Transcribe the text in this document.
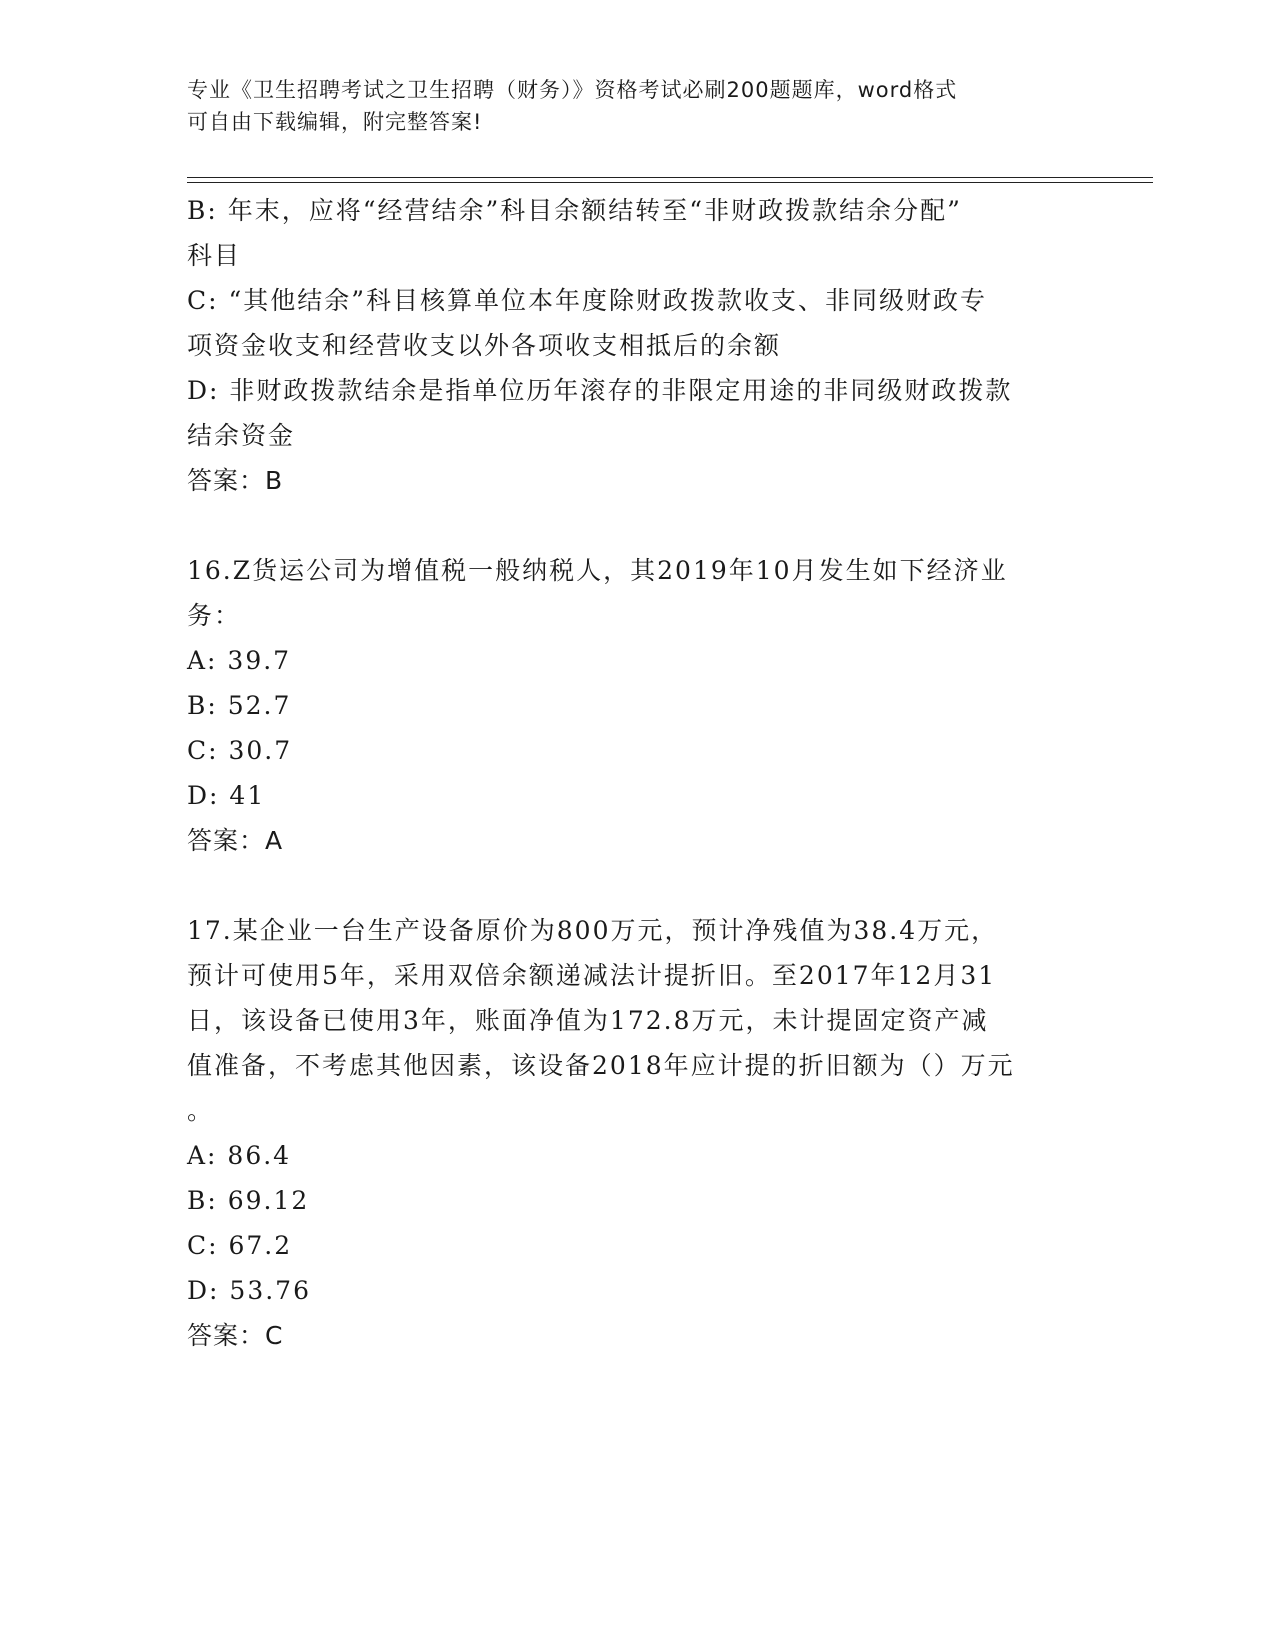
专业《卫生招聘考试之卫生招聘（财务）》资格考试必刷200题题库，word格式
可自由下载编辑，附完整答案!
B: 年末，应将“经营结余”科目余额结转至“非财政拨款结余分配”
科目
C: “其他结余”科目核算单位本年度除财政拨款收支、非同级财政专
项资金收支和经营收支以外各项收支相抵后的余额
D: 非财政拨款结余是指单位历年滚存的非限定用途的非同级财政拨款
结余资金
答案：B
16.Z货运公司为增值税一般纳税人，其2019年10月发生如下经济业
务：
A: 39.7
B: 52.7
C: 30.7
D: 41
答案：A
17.某企业一台生产设备原价为800万元，预计净残值为38.4万元，
预计可使用5年，采用双倍余额递减法计提折旧。至2017年12月31
日，该设备已使用3年，账面净值为172.8万元，未计提固定资产减
值准备，不考虑其他因素，该设备2018年应计提的折旧额为（）万元
。
A: 86.4
B: 69.12
C: 67.2
D: 53.76
答案：C
